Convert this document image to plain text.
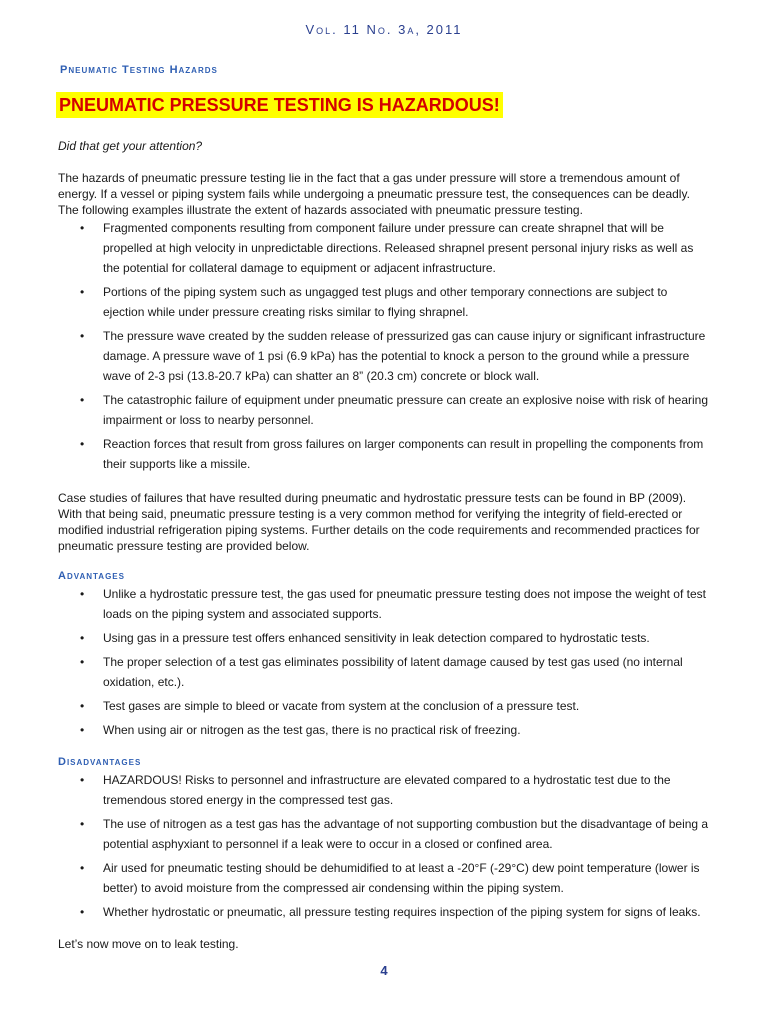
Vol. 11 No. 3a, 2011
Pneumatic Testing Hazards
PNEUMATIC PRESSURE TESTING IS HAZARDOUS!

Did that get your attention?

The hazards of pneumatic pressure testing lie in the fact that a gas under pressure will store a tremendous amount of energy. If a vessel or piping system fails while undergoing a pneumatic pressure test, the consequences can be deadly. The following examples illustrate the extent of hazards associated with pneumatic pressure testing.

• Fragmented components resulting from component failure under pressure can create shrapnel that will be propelled at high velocity in unpredictable directions. Released shrapnel present personal injury risks as well as the potential for collateral damage to equipment or adjacent infrastructure.
• Portions of the piping system such as ungagged test plugs and other temporary connections are subject to ejection while under pressure creating risks similar to flying shrapnel.
• The pressure wave created by the sudden release of pressurized gas can cause injury or significant infrastructure damage. A pressure wave of 1 psi (6.9 kPa) has the potential to knock a person to the ground while a pressure wave of 2-3 psi (13.8-20.7 kPa) can shatter an 8” (20.3 cm) concrete or block wall.
• The catastrophic failure of equipment under pneumatic pressure can create an explosive noise with risk of hearing impairment or loss to nearby personnel.
• Reaction forces that result from gross failures on larger components can result in propelling the components from their supports like a missile.

Case studies of failures that have resulted during pneumatic and hydrostatic pressure tests can be found in BP (2009). With that being said, pneumatic pressure testing is a very common method for verifying the integrity of field-erected or modified industrial refrigeration piping systems. Further details on the code requirements and recommended practices for pneumatic pressure testing are provided below.

Advantages
• Unlike a hydrostatic pressure test, the gas used for pneumatic pressure testing does not impose the weight of test loads on the piping system and associated supports.
• Using gas in a pressure test offers enhanced sensitivity in leak detection compared to hydrostatic tests.
• The proper selection of a test gas eliminates possibility of latent damage caused by test gas used (no internal oxidation, etc.).
• Test gases are simple to bleed or vacate from system at the conclusion of a pressure test.
• When using air or nitrogen as the test gas, there is no practical risk of freezing.
Disadvantages
• HAZARDOUS! Risks to personnel and infrastructure are elevated compared to a hydrostatic test due to the tremendous stored energy in the compressed test gas.
• The use of nitrogen as a test gas has the advantage of not supporting combustion but the disadvantage of being a potential asphyxiant to personnel if a leak were to occur in a closed or confined area.
• Air used for pneumatic testing should be dehumidified to at least a -20°F (-29°C) dew point temperature (lower is better) to avoid moisture from the compressed air condensing within the piping system.
• Whether hydrostatic or pneumatic, all pressure testing requires inspection of the piping system for signs of leaks.

Let’s now move on to leak testing.

4
